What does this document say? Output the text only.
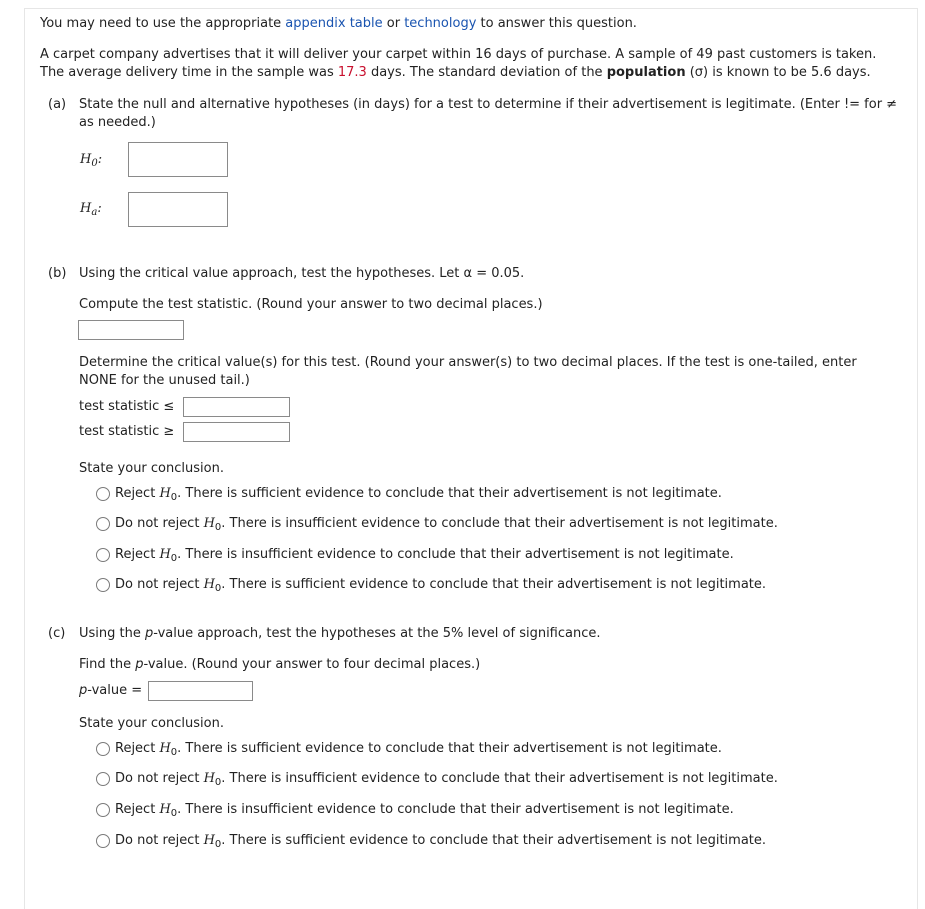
You may need to use the appropriate appendix table or technology to answer this question.
A carpet company advertises that it will deliver your carpet within 16 days of purchase. A sample of 49 past customers is taken.
The average delivery time in the sample was 17.3 days. The standard deviation of the population (σ) is known to be 5.6 days.
(a) State the null and alternative hypotheses (in days) for a test to determine if their advertisement is legitimate. (Enter != for ≠
as needed.)
$H_0$:
$H_a$:
(b) Using the critical value approach, test the hypotheses. Let α = 0.05.
Compute the test statistic. (Round your answer to two decimal places.)
Determine the critical value(s) for this test. (Round your answer(s) to two decimal places. If the test is one-tailed, enter
NONE for the unused tail.)
test statistic ≤
test statistic ≥
State your conclusion.
Reject $H_0$. There is sufficient evidence to conclude that their advertisement is not legitimate.
Do not reject $H_0$. There is insufficient evidence to conclude that their advertisement is not legitimate.
Reject $H_0$. There is insufficient evidence to conclude that their advertisement is not legitimate.
Do not reject $H_0$. There is sufficient evidence to conclude that their advertisement is not legitimate.
(c) Using the p-value approach, test the hypotheses at the 5% level of significance.
Find the p-value. (Round your answer to four decimal places.)
p-value =
State your conclusion.
Reject $H_0$. There is sufficient evidence to conclude that their advertisement is not legitimate.
Do not reject $H_0$. There is insufficient evidence to conclude that their advertisement is not legitimate.
Reject $H_0$. There is insufficient evidence to conclude that their advertisement is not legitimate.
Do not reject $H_0$. There is sufficient evidence to conclude that their advertisement is not legitimate.
